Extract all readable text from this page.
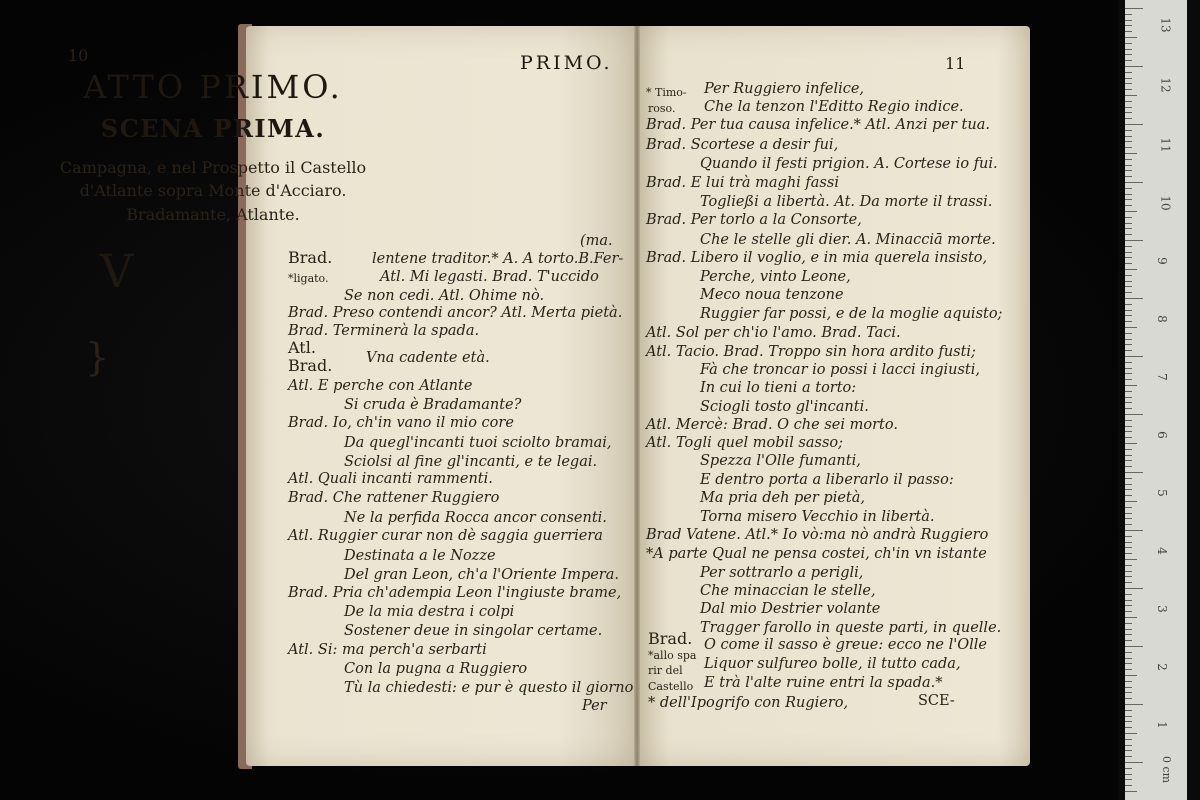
10
ATTO PRIMO.
SCENA PRIMA.
Campagna, e nel Prospetto il Castello
d'Atlante sopra Monte d'Acciaro.
Bradamante, Atlante.
(ma.
Brad.
V	lentene traditor.* A. A torto.B.Fer-
*ligato.	Atl. Mi legasti. Brad. T'uccido
Se non cedi. Atl. Ohime nò.
Brad. Preso contendi ancor? Atl. Merta pietà.
Brad. Terminerà la spada.
Atl.
Brad.
}	Vna cadente età.
Atl. E perche con Atlante
Si cruda è Bradamante?
Brad. Io, ch'in vano il mio core
Da quegl'incanti tuoi sciolto bramai,
Sciolsi al fine gl'incanti, e te legai.
Atl. Quali incanti rammenti.
Brad. Che rattener Ruggiero
Ne la perfida Rocca ancor consenti.
Atl. Ruggier curar non dè saggia guerriera
Destinata a le Nozze
Del gran Leon, ch'a l'Oriente Impera.
Brad. Pria ch'adempia Leon l'ingiuste brame,
De la mia destra i colpi
Sostener deue in singolar certame.
Atl. Si: ma perch'a serbarti
Con la pugna a Ruggiero
Tù la chiedesti: e pur è questo il giorno
Per
PRIMO.	11
* Timo-
roso.
Per Ruggiero infelice,
Che la tenzon l'Editto Regio indice.
Brad. Per tua causa infelice.* Atl. Anzi per tua.
Brad. Scortese a desir fui,
Quando il festi prigion. A. Cortese io fui.
Brad. E lui trà maghi fassi
Togließi a libertà. At. Da morte il trassi.
Brad. Per torlo a la Consorte,
Che le stelle gli dier. A. Minacciā morte.
Brad. Libero il voglio, e in mia querela insisto,
Perche, vinto Leone,
Meco noua tenzone
Ruggier far possi, e de la moglie aquisto;
Atl. Sol per ch'io l'amo. Brad. Taci.
Atl. Tacio. Brad. Troppo sin hora ardito fusti;
Fà che troncar io possi i lacci ingiusti,
In cui lo tieni a torto:
Sciogli tosto gl'incanti.
Atl. Mercè: Brad. O che sei morto.
Atl. Togli quel mobil sasso;
Spezza l'Olle fumanti,
E dentro porta a liberarlo il passo:
Ma pria deh per pietà,
Torna misero Vecchio in libertà.
Brad Vatene. Atl.* Io vò:ma nò andrà Ruggiero
*A parte Qual ne pensa costei, ch'in vn istante
Per sottrarlo a perigli,
Che minaccian le stelle,
Dal mio Destrier volante
Tragger farollo in queste parti, in quelle.
Brad. O come il sasso è greue: ecco ne l'Olle
*allo spa
Liquor sulfureo bolle, il tutto cada,
rir del
Castello E trà l'alte ruine entri la spada.*
* dell'Ipogrifo con Rugiero,	SCE-
13
12
11
10
9
8
7
6
5
4
3
2
1
0 cm
